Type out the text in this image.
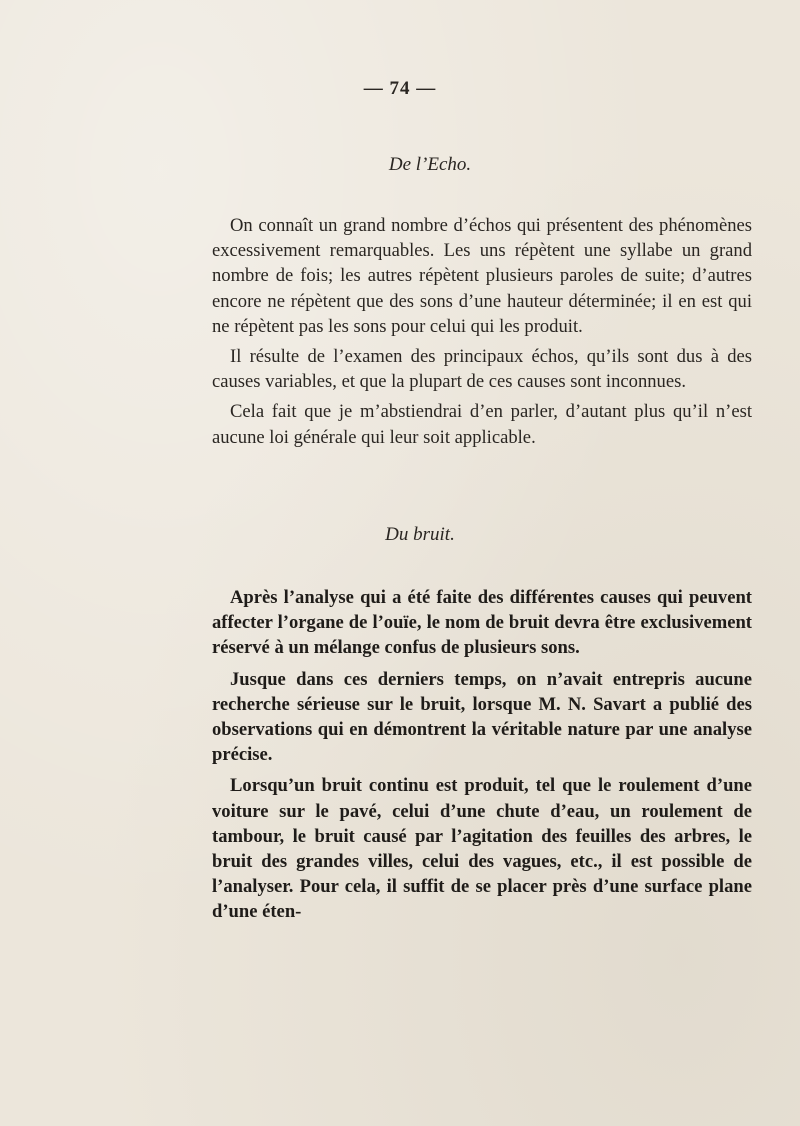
— 74 —
De l’Echo.

On connaît un grand nombre d’échos qui présentent des phénomènes excessivement remarquables. Les uns répètent une syllabe un grand nombre de fois; les autres répètent plusieurs paroles de suite; d’autres encore ne répètent que des sons d’une hauteur déterminée; il en est qui ne répètent pas les sons pour celui qui les produit.

Il résulte de l’examen des principaux échos, qu’ils sont dus à des causes variables, et que la plupart de ces causes sont inconnues.

Cela fait que je m’abstiendrai d’en parler, d’autant plus qu’il n’est aucune loi générale qui leur soit applicable.

Du bruit.

Après l’analyse qui a été faite des différentes causes qui peuvent affecter l’organe de l’ouïe, le nom de bruit devra être exclusivement réservé à un mélange confus de plusieurs sons.

Jusque dans ces derniers temps, on n’avait entrepris aucune recherche sérieuse sur le bruit, lorsque M. N. Savart a publié des observations qui en démontrent la véritable nature par une analyse précise.

Lorsqu’un bruit continu est produit, tel que le roulement d’une voiture sur le pavé, celui d’une chute d’eau, un roulement de tambour, le bruit causé par l’agitation des feuilles des arbres, le bruit des grandes villes, celui des vagues, etc., il est possible de l’analyser. Pour cela, il suffit de se placer près d’une surface plane d’une éten-
